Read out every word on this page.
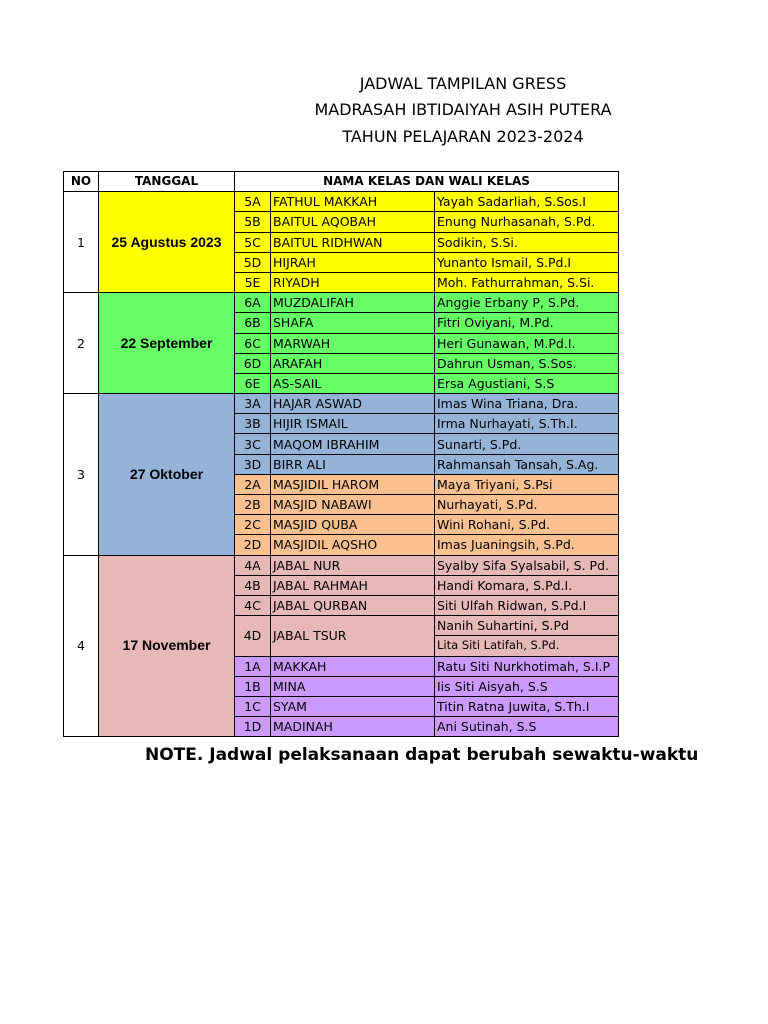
JADWAL TAMPILAN GRESS
MADRASAH IBTIDAIYAH ASIH PUTERA
TAHUN PELAJARAN 2023-2024
NO	TANGGAL	NAMA KELAS DAN WALI KELAS		
1	25 Agustus 2023	5A	FATHUL MAKKAH	Yayah Sadarliah, S.Sos.I
		5B	BAITUL AQOBAH	Enung Nurhasanah, S.Pd.
		5C	BAITUL RIDHWAN	Sodikin, S.Si.
		5D	HIJRAH	Yunanto Ismail, S.Pd.I
		5E	RIYADH	Moh. Fathurrahman, S.Si.
2	22 September	6A	MUZDALIFAH	Anggie Erbany P, S.Pd.
		6B	SHAFA	Fitri Oviyani, M.Pd.
		6C	MARWAH	Heri Gunawan, M.Pd.I.
		6D	ARAFAH	Dahrun Usman, S.Sos.
		6E	AS-SAIL	Ersa Agustiani, S.S
3	27 Oktober	3A	HAJAR ASWAD	Imas Wina Triana, Dra.
		3B	HIJIR ISMAIL	Irma Nurhayati, S.Th.I.
		3C	MAQOM IBRAHIM	Sunarti, S.Pd.
		3D	BIRR ALI	Rahmansah Tansah, S.Ag.
		2A	MASJIDIL HAROM	Maya Triyani, S.Psi
		2B	MASJID NABAWI	Nurhayati, S.Pd.
		2C	MASJID QUBA	Wini Rohani, S.Pd.
		2D	MASJIDIL AQSHO	Imas Juaningsih, S.Pd.
4	17 November	4A	JABAL NUR	Syalby Sifa Syalsabil, S. Pd.
		4B	JABAL RAHMAH	Handi Komara, S.Pd.I.
		4C	JABAL QURBAN	Siti Ulfah Ridwan, S.Pd.I
		4D	JABAL TSUR	Nanih Suhartini, S.Pd
				Lita Siti Latifah, S.Pd.
		1A	MAKKAH	Ratu Siti Nurkhotimah, S.I.P
		1B	MINA	Iis Siti Aisyah, S.S
		1C	SYAM	Titin Ratna Juwita, S.Th.I
		1D	MADINAH	Ani Sutinah, S.S
NOTE. Jadwal pelaksanaan dapat berubah sewaktu-waktu
